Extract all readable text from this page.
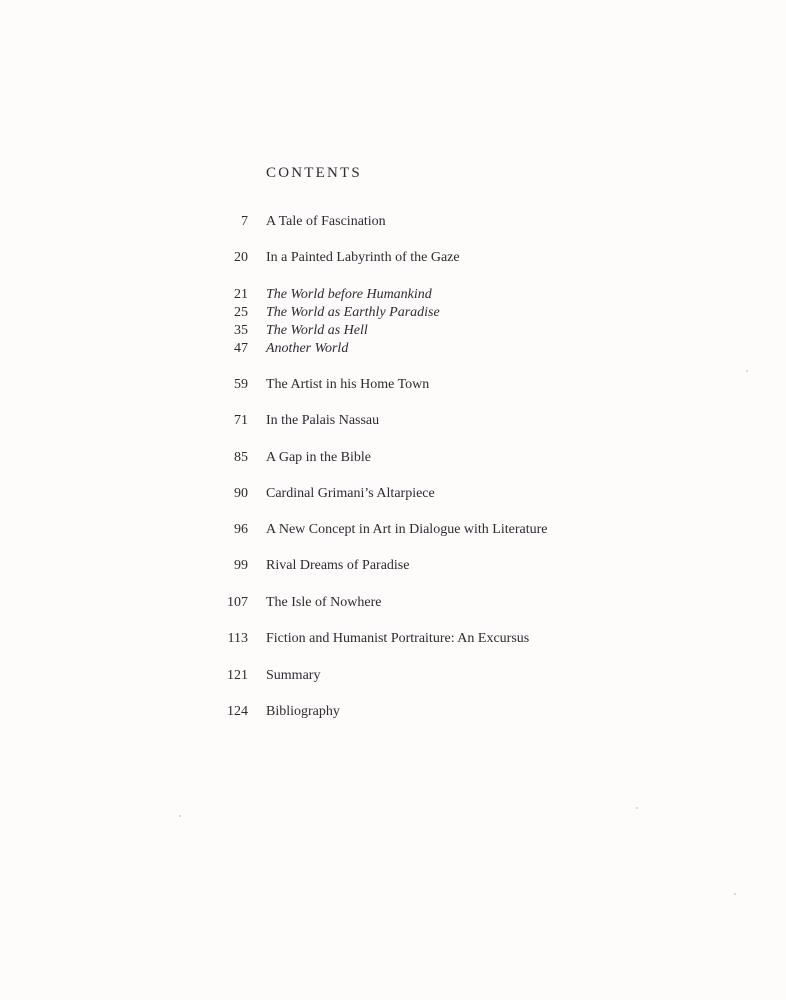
CONTENTS
7 A Tale of Fascination
20 In a Painted Labyrinth of the Gaze
21 The World before Humankind
25 The World as Earthly Paradise
35 The World as Hell
47 Another World
59 The Artist in his Home Town
71 In the Palais Nassau
85 A Gap in the Bible
90 Cardinal Grimani’s Altarpiece
96 A New Concept in Art in Dialogue with Literature
99 Rival Dreams of Paradise
107 The Isle of Nowhere
113 Fiction and Humanist Portraiture: An Excursus
121 Summary
124 Bibliography
